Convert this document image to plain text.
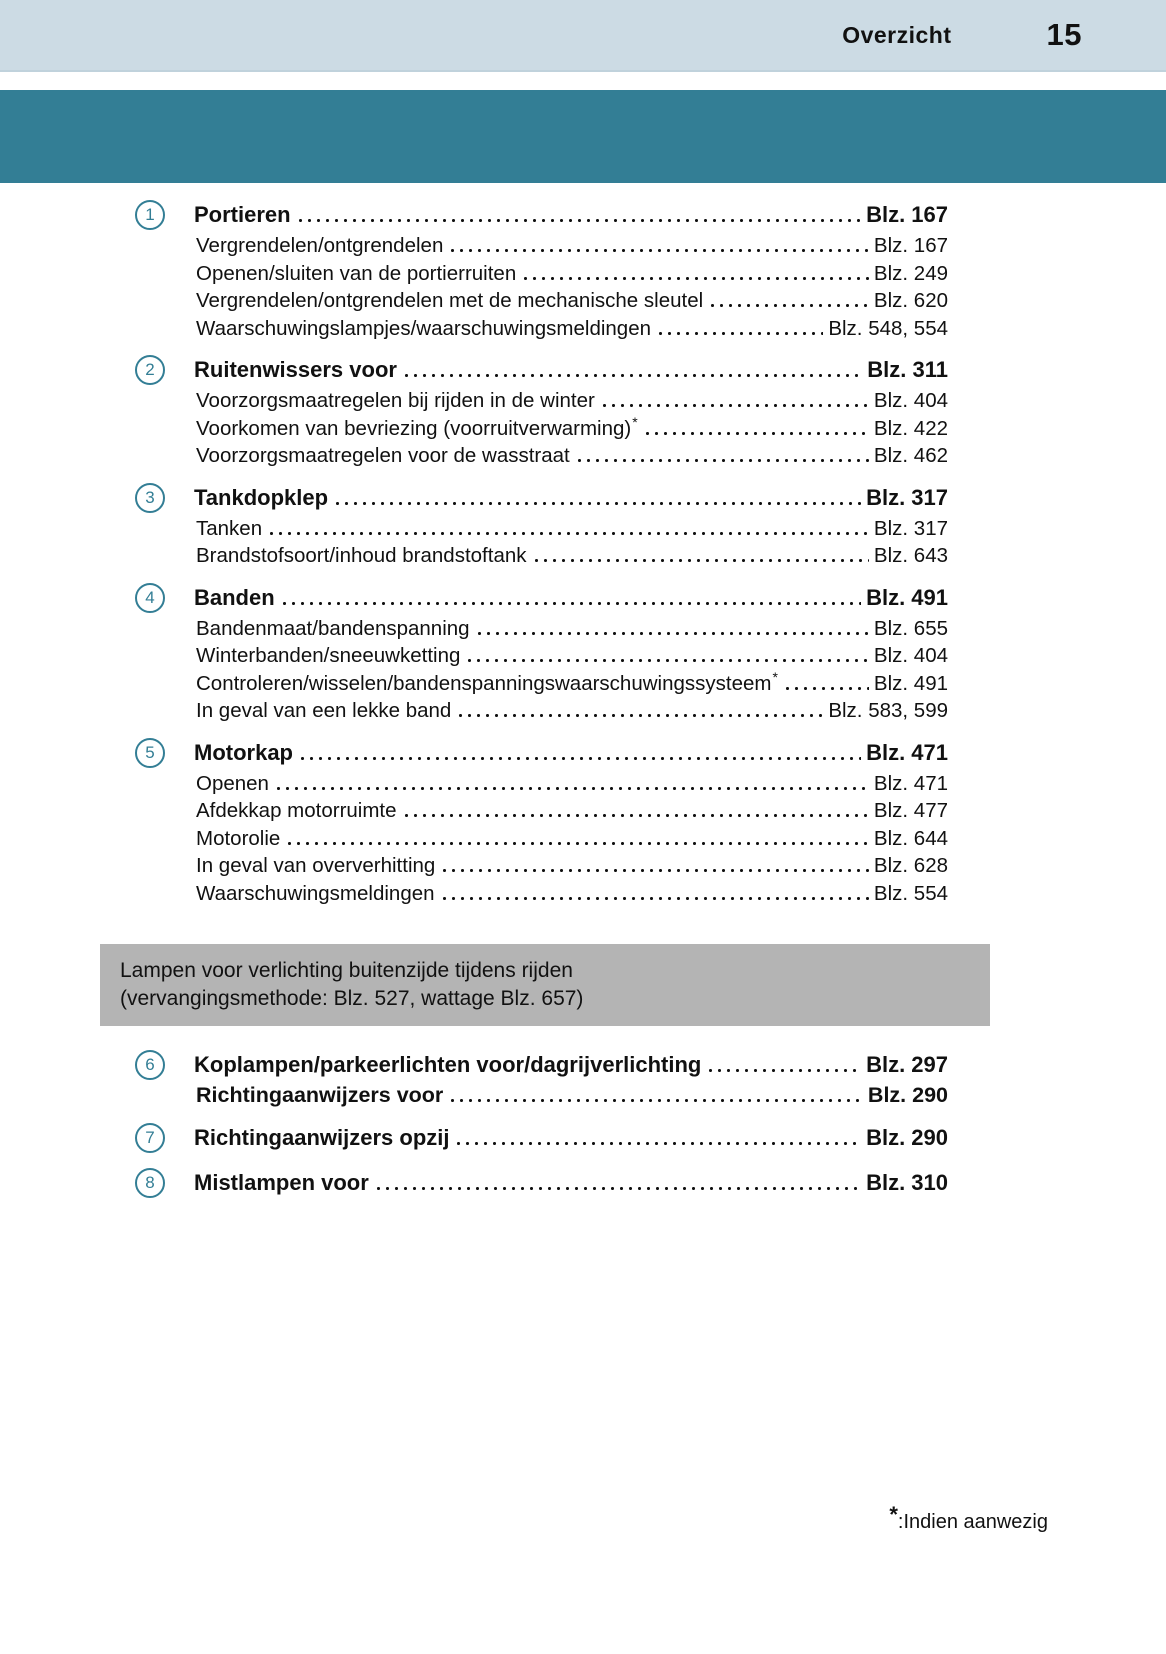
Overzicht	15
1	Portieren	Blz. 167
Vergrendelen/ontgrendelen	Blz. 167
Openen/sluiten van de portierruiten	Blz. 249
Vergrendelen/ontgrendelen met de mechanische sleutel	Blz. 620
Waarschuwingslampjes/waarschuwingsmeldingen	Blz. 548, 554
2	Ruitenwissers voor	Blz. 311
Voorzorgsmaatregelen bij rijden in de winter	Blz. 404
Voorkomen van bevriezing (voorruitverwarming)*	Blz. 422
Voorzorgsmaatregelen voor de wasstraat	Blz. 462
3	Tankdopklep	Blz. 317
Tanken	Blz. 317
Brandstofsoort/inhoud brandstoftank	Blz. 643
4	Banden	Blz. 491
Bandenmaat/bandenspanning	Blz. 655
Winterbanden/sneeuwketting	Blz. 404
Controleren/wisselen/bandenspanningswaarschuwingssysteem*	Blz. 491
In geval van een lekke band	Blz. 583, 599
5	Motorkap	Blz. 471
Openen	Blz. 471
Afdekkap motorruimte	Blz. 477
Motorolie	Blz. 644
In geval van oververhitting	Blz. 628
Waarschuwingsmeldingen	Blz. 554
Lampen voor verlichting buitenzijde tijdens rijden
(vervangingsmethode: Blz. 527, wattage Blz. 657)
6	Koplampen/parkeerlichten voor/dagrijverlichting	Blz. 297
Richtingaanwijzers voor	Blz. 290
7	Richtingaanwijzers opzij	Blz. 290
8	Mistlampen voor	Blz. 310
*:Indien aanwezig
